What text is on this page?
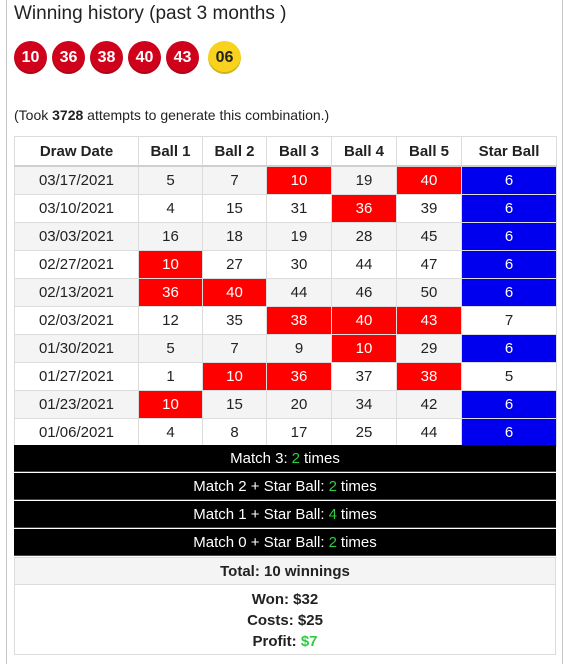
Winning history (past 3 months )
10	36	38	40	43	06
(Took 3728 attempts to generate this combination.)
Draw Date	Ball 1	Ball 2	Ball 3	Ball 4	Ball 5	Star Ball
03/17/2021	5	7	10	19	40	6
03/10/2021	4	15	31	36	39	6
03/03/2021	16	18	19	28	45	6
02/27/2021	10	27	30	44	47	6
02/13/2021	36	40	44	46	50	6
02/03/2021	12	35	38	40	43	7
01/30/2021	5	7	9	10	29	6
01/27/2021	1	10	36	37	38	5
01/23/2021	10	15	20	34	42	6
01/06/2021	4	8	17	25	44	6
Match 3: 2 times
Match 2 + Star Ball: 2 times
Match 1 + Star Ball: 4 times
Match 0 + Star Ball: 2 times
Total: 10 winnings
Won: $32
Costs: $25
Profit: $7
